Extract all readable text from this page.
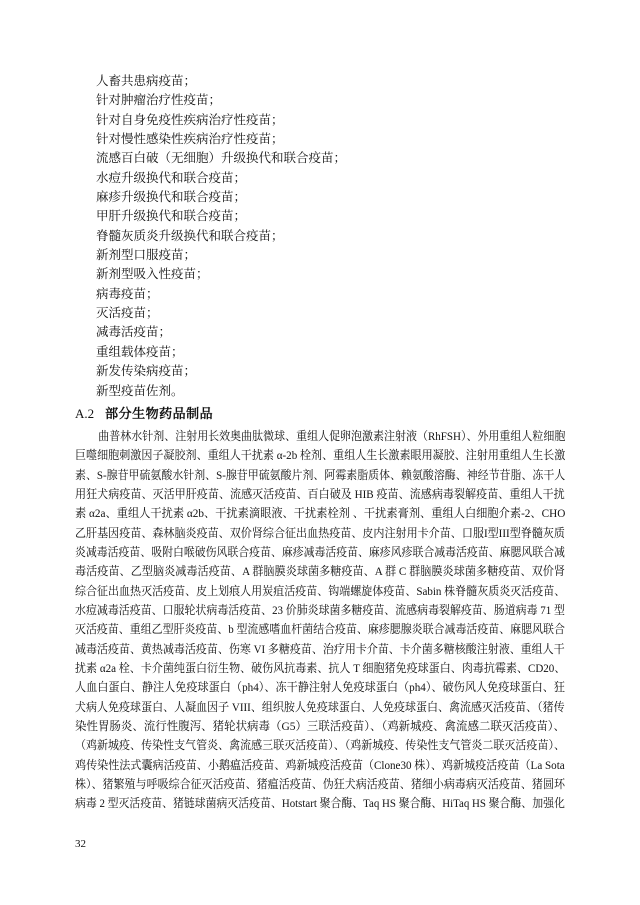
人畜共患病疫苗；
针对肿瘤治疗性疫苗；
针对自身免疫性疾病治疗性疫苗；
针对慢性感染性疾病治疗性疫苗；
流感百白破（无细胞）升级换代和联合疫苗；
水痘升级换代和联合疫苗；
麻疹升级换代和联合疫苗；
甲肝升级换代和联合疫苗；
脊髓灰质炎升级换代和联合疫苗；
新剂型口服疫苗；
新剂型吸入性疫苗；
病毒疫苗；
灭活疫苗；
减毒活疫苗；
重组载体疫苗；
新发传染病疫苗；
新型疫苗佐剂。
A.2 部分生物药品制品
曲普林水针剂、注射用长效奥曲肽微球、重组人促卵泡激素注射液（RhFSH）、外用重组人粒细胞
巨噬细胞刺激因子凝胶剂、重组人干扰素 α-2b 栓剂、重组人生长激素眼用凝胶、注射用重组人生长激
素、S-腺苷甲硫氨酸水针剂、S-腺苷甲硫氨酸片剂、阿霉素脂质体、赖氨酸溶酶、神经节苷脂、冻干人
用狂犬病疫苗、灭活甲肝疫苗、流感灭活疫苗、百白破及 HIB 疫苗、流感病毒裂解疫苗、重组人干扰
素 α2a、重组人干扰素 α2b、干扰素滴眼液、干扰素栓剂 、干扰素膏剂、重组人白细胞介素-2、CHO
乙肝基因疫苗、森林脑炎疫苗、双价肾综合征出血热疫苗、皮内注射用卡介苗、口服I型III型脊髓灰质
炎减毒活疫苗、吸附白喉破伤风联合疫苗、麻疹减毒活疫苗、麻疹风疹联合减毒活疫苗、麻腮风联合减
毒活疫苗、乙型脑炎减毒活疫苗、A 群脑膜炎球菌多糖疫苗、A 群 C 群脑膜炎球菌多糖疫苗、双价肾
综合征出血热灭活疫苗、皮上划痕人用炭疽活疫苗、钩端螺旋体疫苗、Sabin 株脊髓灰质炎灭活疫苗、
水痘减毒活疫苗、口服轮状病毒活疫苗、23 价肺炎球菌多糖疫苗、流感病毒裂解疫苗、肠道病毒 71 型
灭活疫苗、重组乙型肝炎疫苗、b 型流感嗜血杆菌结合疫苗、麻疹腮腺炎联合减毒活疫苗、麻腮风联合
减毒活疫苗、黄热减毒活疫苗、伤寒 VI 多糖疫苗、治疗用卡介苗、卡介菌多糖核酸注射液、重组人干
扰素 α2a 栓、卡介菌纯蛋白衍生物、破伤风抗毒素、抗人 T 细胞猪免疫球蛋白、肉毒抗霉素、CD20、
人血白蛋白、静注人免疫球蛋白（ph4）、冻干静注射人免疫球蛋白（ph4）、破伤风人免疫球蛋白、狂
犬病人免疫球蛋白、人凝血因子 VIII、组织胺人免疫球蛋白、人免疫球蛋白、禽流感灭活疫苗、（猪传
染性胃肠炎、流行性腹泻、猪轮状病毒（G5）三联活疫苗）、（鸡新城疫、禽流感二联灭活疫苗）、
（鸡新城疫、传染性支气管炎、禽流感三联灭活疫苗）、（鸡新城疫、传染性支气管炎二联灭活疫苗）、
鸡传染性法式囊病活疫苗、小鹅瘟活疫苗、鸡新城疫活疫苗（Clone30 株）、鸡新城疫活疫苗（La Sota
株）、猪繁殖与呼吸综合征灭活疫苗、猪瘟活疫苗、伪狂犬病活疫苗、猪细小病毒病灭活疫苗、猪圆环
病毒 2 型灭活疫苗、猪链球菌病灭活疫苗、Hotstart 聚合酶、Taq HS 聚合酶、HiTaq HS 聚合酶、加强化
32
